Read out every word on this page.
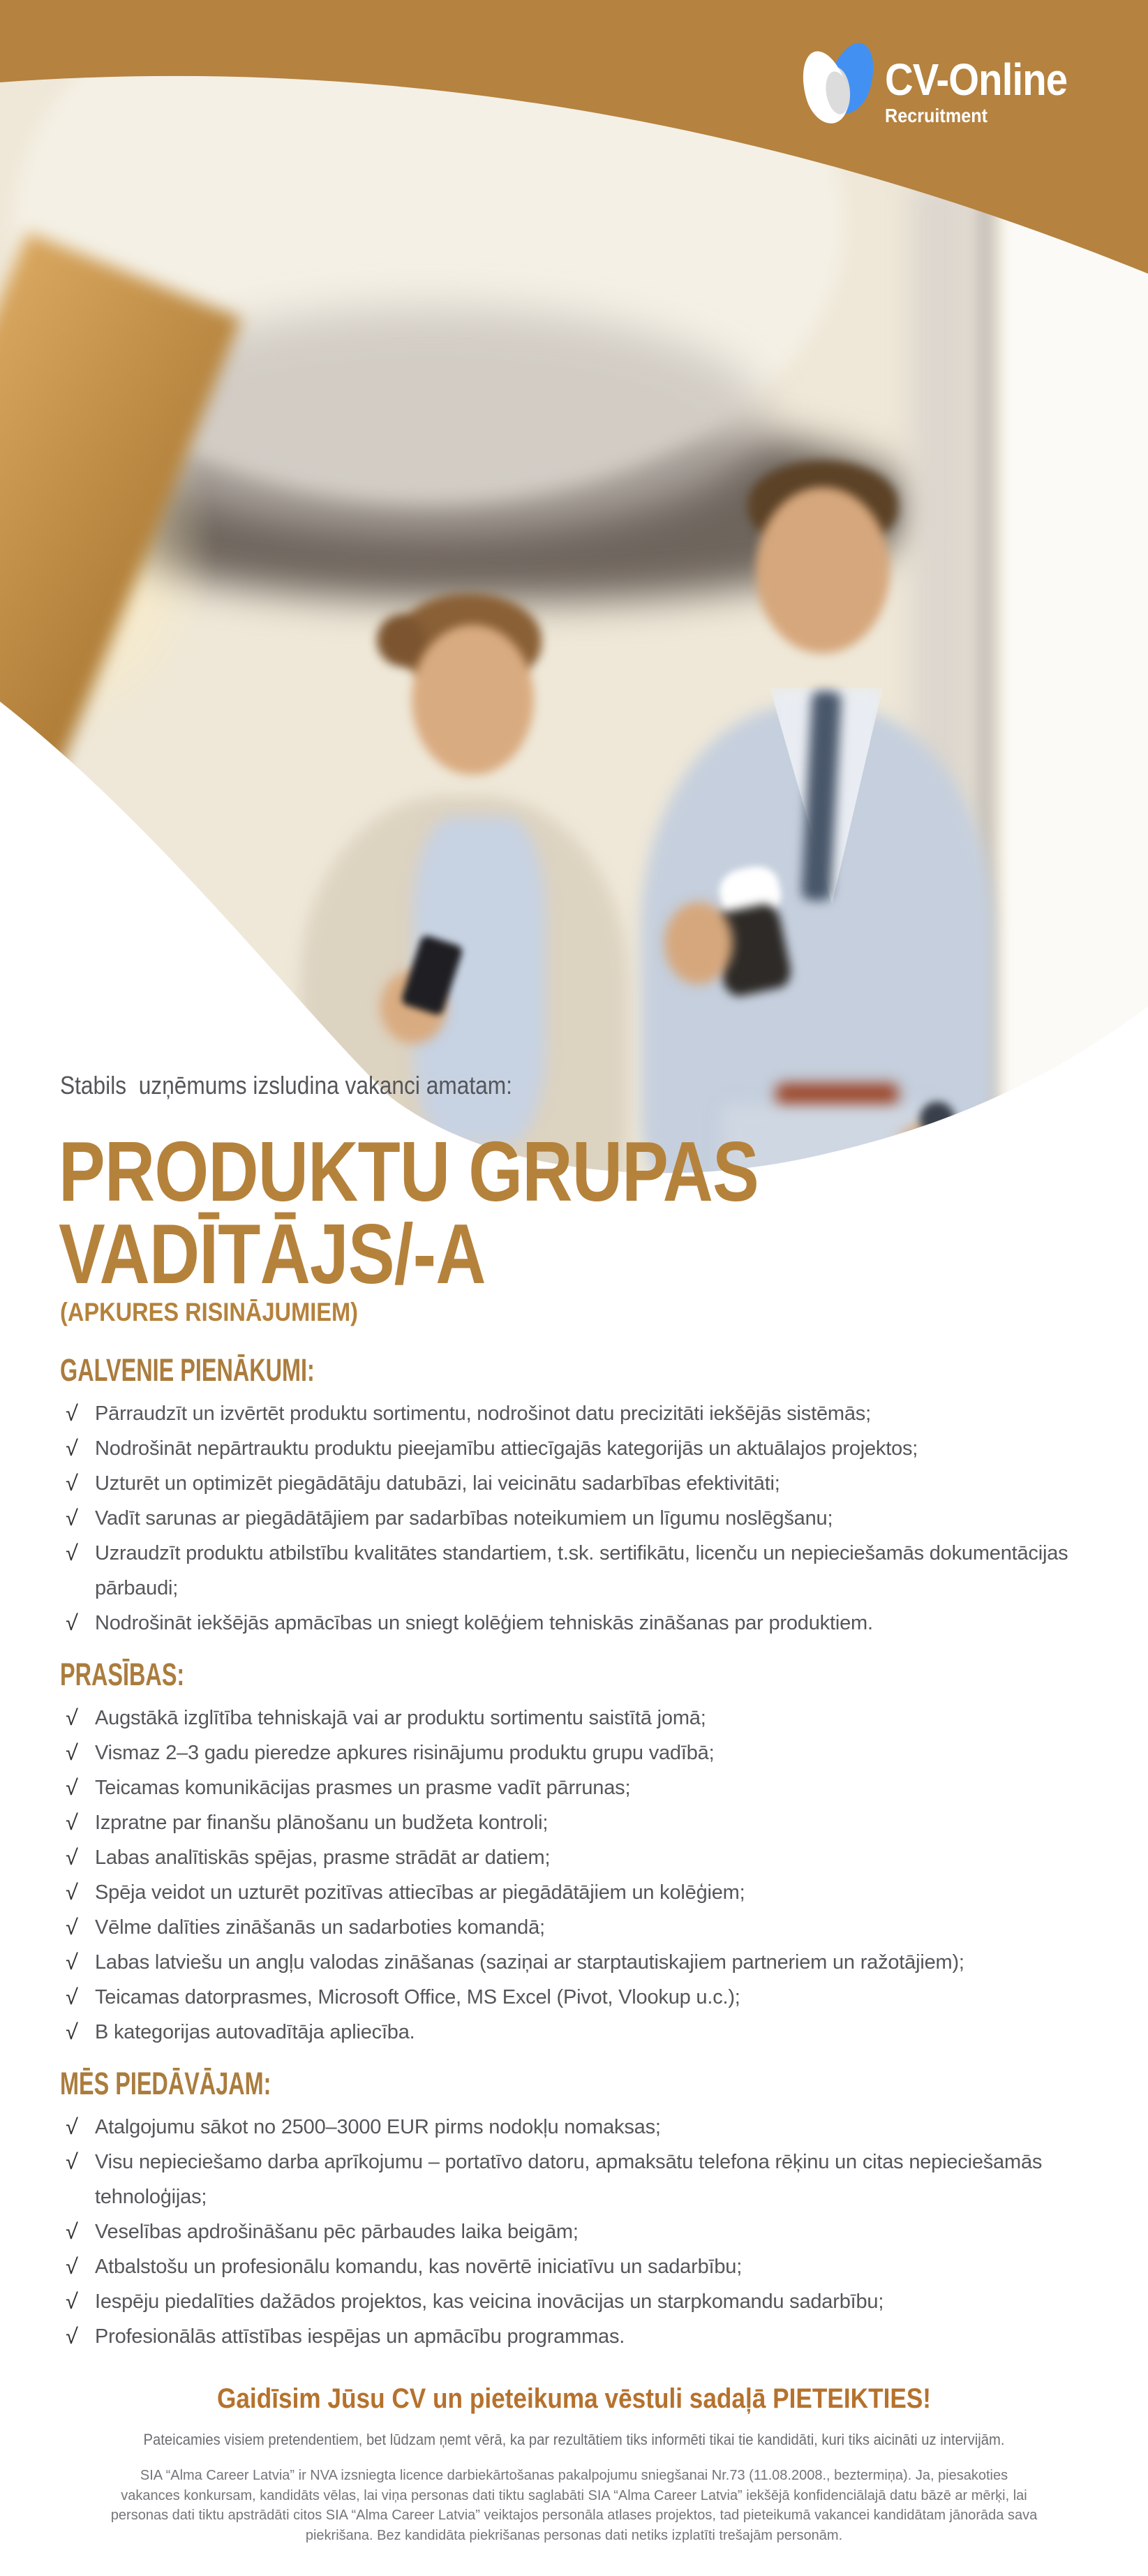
CV-Online
Recruitment
Stabils  uzņēmums izsludina vakanci amatam:
PRODUKTU GRUPAS
VADĪTĀJS/-A
(APKURES RISINĀJUMIEM)
GALVENIE PIENĀKUMI:
√ Pārraudzīt un izvērtēt produktu sortimentu, nodrošinot datu precizitāti iekšējās sistēmās;
√ Nodrošināt nepārtrauktu produktu pieejamību attiecīgajās kategorijās un aktuālajos projektos;
√ Uzturēt un optimizēt piegādātāju datubāzi, lai veicinātu sadarbības efektivitāti;
√ Vadīt sarunas ar piegādātājiem par sadarbības noteikumiem un līgumu noslēgšanu;
√ Uzraudzīt produktu atbilstību kvalitātes standartiem, t.sk. sertifikātu, licenču un nepieciešamās dokumentācijas pārbaudi;
√ Nodrošināt iekšējās apmācības un sniegt kolēģiem tehniskās zināšanas par produktiem.
PRASĪBAS:
√ Augstākā izglītība tehniskajā vai ar produktu sortimentu saistītā jomā;
√ Vismaz 2–3 gadu pieredze apkures risinājumu produktu grupu vadībā;
√ Teicamas komunikācijas prasmes un prasme vadīt pārrunas;
√ Izpratne par finanšu plānošanu un budžeta kontroli;
√ Labas analītiskās spējas, prasme strādāt ar datiem;
√ Spēja veidot un uzturēt pozitīvas attiecības ar piegādātājiem un kolēģiem;
√ Vēlme dalīties zināšanās un sadarboties komandā;
√ Labas latviešu un angļu valodas zināšanas (saziņai ar starptautiskajiem partneriem un ražotājiem);
√ Teicamas datorprasmes, Microsoft Office, MS Excel (Pivot, Vlookup u.c.);
√ B kategorijas autovadītāja apliecība.
MĒS PIEDĀVĀJAM:
√ Atalgojumu sākot no 2500–3000 EUR pirms nodokļu nomaksas;
√ Visu nepieciešamo darba aprīkojumu – portatīvo datoru, apmaksātu telefona rēķinu un citas nepieciešamās tehnoloģijas;
√ Veselības apdrošināšanu pēc pārbaudes laika beigām;
√ Atbalstošu un profesionālu komandu, kas novērtē iniciatīvu un sadarbību;
√ Iespēju piedalīties dažādos projektos, kas veicina inovācijas un starpkomandu sadarbību;
√ Profesionālās attīstības iespējas un apmācību programmas.
Gaidīsim Jūsu CV un pieteikuma vēstuli sadaļā PIETEIKTIES!
Pateicamies visiem pretendentiem, bet lūdzam ņemt vērā, ka par rezultātiem tiks informēti tikai tie kandidāti, kuri tiks aicināti uz intervijām.
SIA “Alma Career Latvia” ir NVA izsniegta licence darbiekārtošanas pakalpojumu sniegšanai Nr.73 (11.08.2008., beztermiņa). Ja, piesakoties vakances konkursam, kandidāts vēlas, lai viņa personas dati tiktu saglabāti SIA “Alma Career Latvia” iekšējā konfidenciālajā datu bāzē ar mērķi, lai personas dati tiktu apstrādāti citos SIA “Alma Career Latvia” veiktajos personāla atlases projektos, tad pieteikumā vakancei kandidātam jānorāda sava piekrišana. Bez kandidāta piekrišanas personas dati netiks izplatīti trešajām personām.
